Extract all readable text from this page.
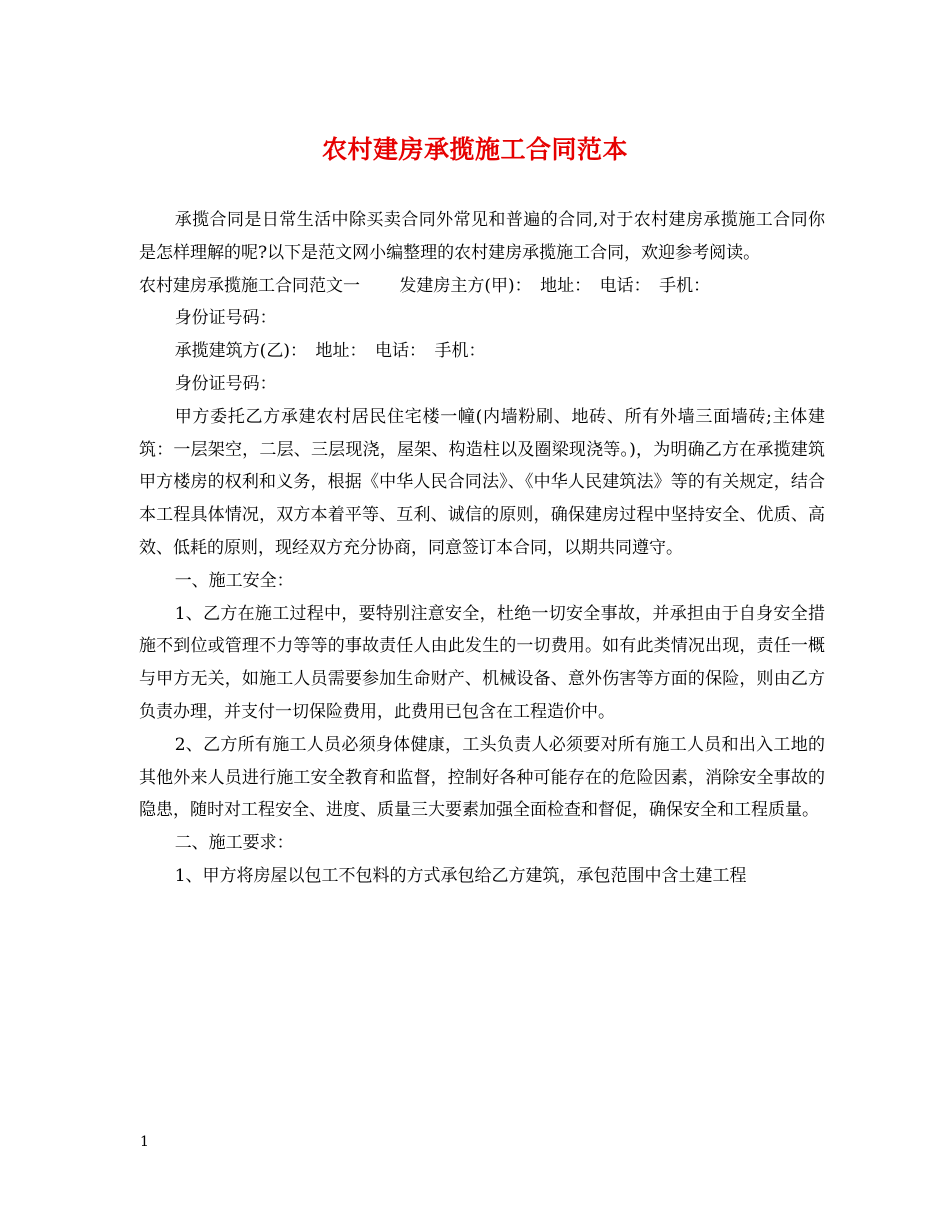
农村建房承揽施工合同范本

承揽合同是日常生活中除买卖合同外常见和普遍的合同,对于农村建房承揽施工合同你是怎样理解的呢?以下是范文网小编整理的农村建房承揽施工合同，欢迎参考阅读。

农村建房承揽施工合同范文一　　 发建房主方(甲)：　地址：　电话：　手机：

身份证号码：

承揽建筑方(乙)：　地址：　电话：　手机：

身份证号码：

甲方委托乙方承建农村居民住宅楼一幢(内墙粉刷、地砖、所有外墙三面墙砖;主体建筑：一层架空，二层、三层现浇，屋架、构造柱以及圈梁现浇等。)，为明确乙方在承揽建筑甲方楼房的权利和义务，根据《中华人民合同法》、《中华人民建筑法》等的有关规定，结合本工程具体情况，双方本着平等、互利、诚信的原则，确保建房过程中坚持安全、优质、高效、低耗的原则，现经双方充分协商，同意签订本合同，以期共同遵守。

一、施工安全：

1、乙方在施工过程中，要特别注意安全，杜绝一切安全事故，并承担由于自身安全措施不到位或管理不力等等的事故责任人由此发生的一切费用。如有此类情况出现，责任一概与甲方无关，如施工人员需要参加生命财产、机械设备、意外伤害等方面的保险，则由乙方负责办理，并支付一切保险费用，此费用已包含在工程造价中。

2、乙方所有施工人员必须身体健康，工头负责人必须要对所有施工人员和出入工地的其他外来人员进行施工安全教育和监督，控制好各种可能存在的危险因素，消除安全事故的隐患，随时对工程安全、进度、质量三大要素加强全面检查和督促，确保安全和工程质量。

二、施工要求：

1、甲方将房屋以包工不包料的方式承包给乙方建筑，承包范围中含土建工程

1
